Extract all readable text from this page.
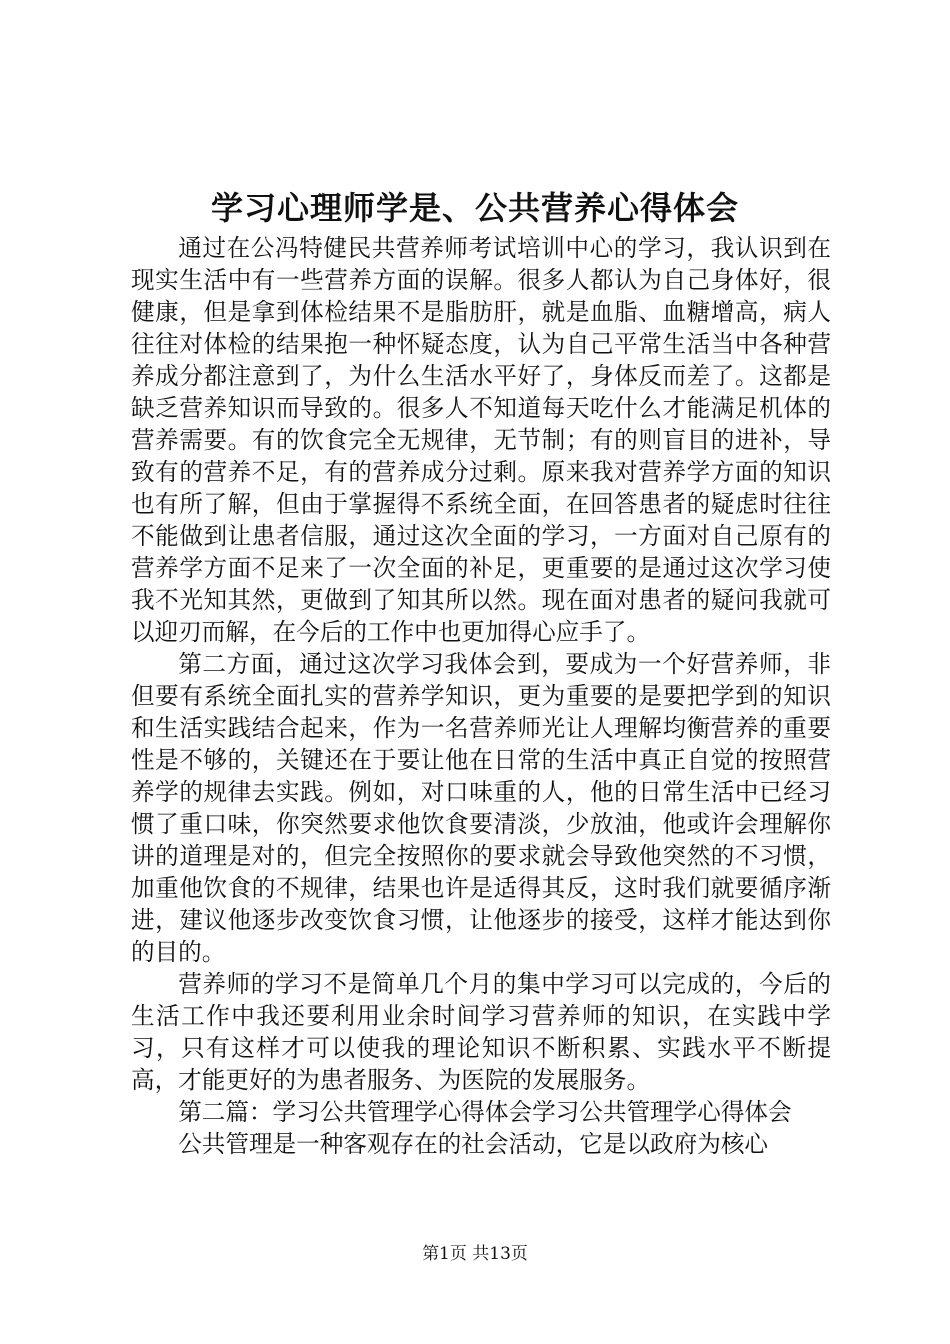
学习心理师学是、公共营养心得体会

通过在公冯特健民共营养师考试培训中心的学习，我认识到在现实生活中有一些营养方面的误解。很多人都认为自己身体好，很健康，但是拿到体检结果不是脂肪肝，就是血脂、血糖增高，病人往往对体检的结果抱一种怀疑态度，认为自己平常生活当中各种营养成分都注意到了，为什么生活水平好了，身体反而差了。这都是缺乏营养知识而导致的。很多人不知道每天吃什么才能满足机体的营养需要。有的饮食完全无规律，无节制；有的则盲目的进补，导致有的营养不足，有的营养成分过剩。原来我对营养学方面的知识也有所了解，但由于掌握得不系统全面，在回答患者的疑虑时往往不能做到让患者信服，通过这次全面的学习，一方面对自己原有的营养学方面不足来了一次全面的补足，更重要的是通过这次学习使我不光知其然，更做到了知其所以然。现在面对患者的疑问我就可以迎刃而解，在今后的工作中也更加得心应手了。

第二方面，通过这次学习我体会到，要成为一个好营养师，非但要有系统全面扎实的营养学知识，更为重要的是要把学到的知识和生活实践结合起来，作为一名营养师光让人理解均衡营养的重要性是不够的，关键还在于要让他在日常的生活中真正自觉的按照营养学的规律去实践。例如，对口味重的人，他的日常生活中已经习惯了重口味，你突然要求他饮食要清淡，少放油，他或许会理解你讲的道理是对的，但完全按照你的要求就会导致他突然的不习惯，加重他饮食的不规律，结果也许是适得其反，这时我们就要循序渐进，建议他逐步改变饮食习惯，让他逐步的接受，这样才能达到你的目的。

营养师的学习不是简单几个月的集中学习可以完成的，今后的生活工作中我还要利用业余时间学习营养师的知识，在实践中学习，只有这样才可以使我的理论知识不断积累、实践水平不断提高，才能更好的为患者服务、为医院的发展服务。

第二篇：学习公共管理学心得体会学习公共管理学心得体会

公共管理是一种客观存在的社会活动，它是以政府为核心

第1页 共13页
